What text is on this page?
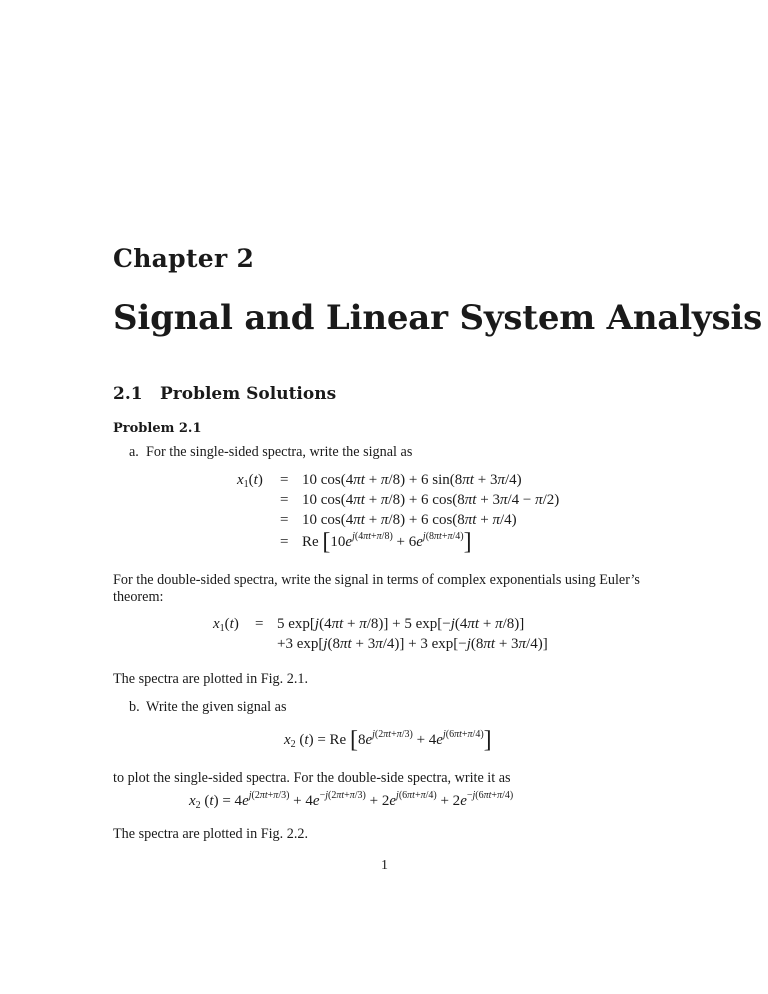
Chapter 2
Signal and Linear System Analysis
2.1 Problem Solutions
Problem 2.1
a. For the single-sided spectra, write the signal as
$x_1(t) = 10$ cos(4πt + π/8) + 6 sin(8πt + 3π/4)
= 10 cos(4πt + π/8) + 6 cos(8πt + 3π/4 − π/2)
= 10 cos(4πt + π/8) + 6 cos(8πt + π/4)
= Re $[10e^{j(4\pi t+\pi/8)} + 6e^{j(8\pi t+\pi/4)}]$
For the double-sided spectra, write the signal in terms of complex exponentials using Euler’s
theorem:
$x_1(t) = 5$ exp[j(4πt + π/8)] + 5 exp[−j(4πt + π/8)]
+3 exp[j(8πt + 3π/4)] + 3 exp[−j(8πt + 3π/4)]
The spectra are plotted in Fig. 2.1.
b. Write the given signal as
$x_2$ (t) = Re $[8e^{j(2\pi t+\pi/3)} + 4e^{j(6\pi t+\pi/4)}]$
to plot the single-sided spectra. For the double-side spectra, write it as
$x_2$ $(t) = 4e^{j(2\pi t+\pi/3)} + 4e^{-j(2\pi t+\pi/3)} + 2e^{j(6\pi t+\pi/4)} + 2e^{-j(6\pi t+\pi/4)}$
The spectra are plotted in Fig. 2.2.
1
